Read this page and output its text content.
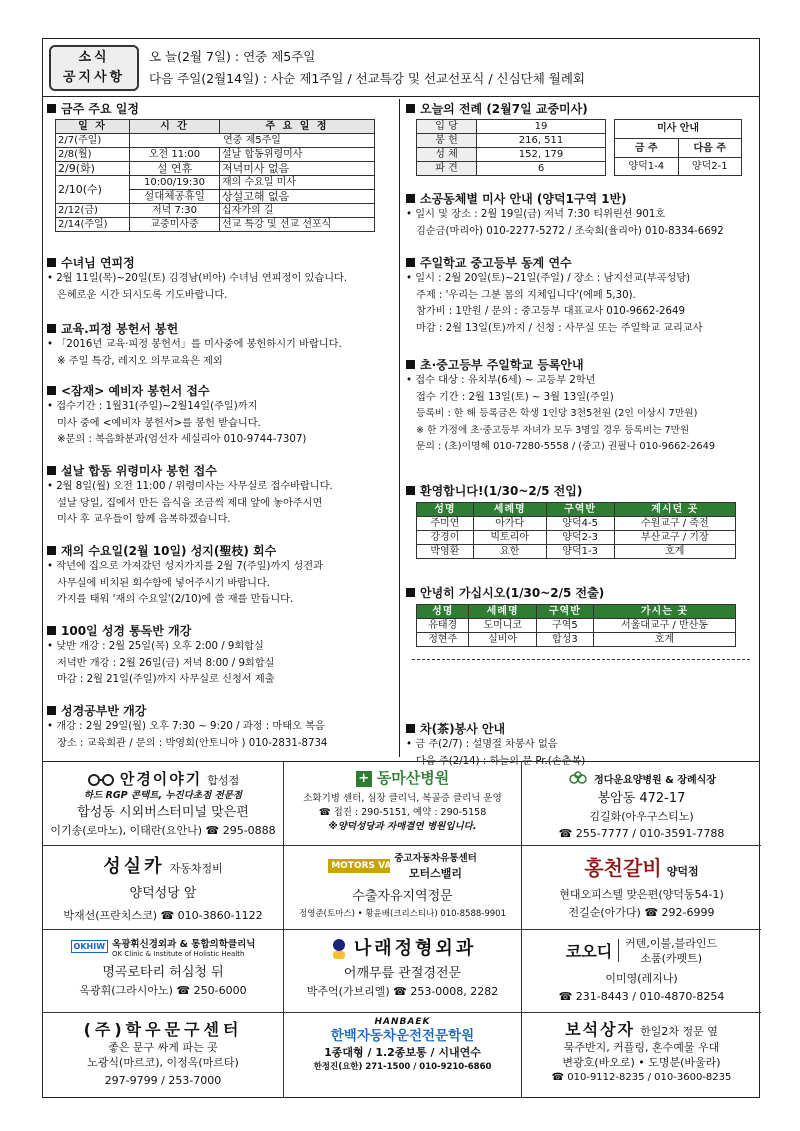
소식
공지사항
오 늘(2월 7일) : 연중 제5주일
다음 주일(2월14일) : 사순 제1주일 / 선교특강 및 선교선포식 / 신심단체 월례회
금주 주요 일정
일 자	시 간	주 요 일 정
2/7(주일)	연중 제5주일	
2/8(월)	오전 11:00	설날 합동위령미사
2/9(화)	설 연휴	저녁미사 없음
2/10(수)	10:00/19:30	재의 수요일 미사
	설대체공휴일	상설고해 없음
2/12(금)	저녁 7:30	십자가의 길
2/14(주일)	교중미사중	선교 특강 및 선교 선포식
수녀님 연피정
• 2월 11일(목)~20일(토) 김경남(비아) 수녀님 연피정이 있습니다.
은혜로운 시간 되시도록 기도바랍니다.
교육.피정 봉헌서 봉헌
• 「2016년 교육·피정 봉헌서」를 미사중에 봉헌하시기 바랍니다.
※ 주일 특강, 레지오 의무교육은 제외
<잠재> 예비자 봉헌서 접수
• 접수기간 : 1월31(주일)~2월14일(주일)까지
미사 중에 <예비자 봉헌서>를 봉헌 받습니다.
※문의 : 복음화분과(엄선자 세실리아 010-9744-7307)
설날 합동 위령미사 봉헌 접수
• 2월 8일(월) 오전 11:00 / 위령미사는 사무실로 접수바랍니다.
설날 당일, 집에서 만든 음식을 조금씩 제대 앞에 놓아주시면
미사 후 교우들이 함께 음복하겠습니다.
재의 수요일(2월 10일) 성지(聖枝) 회수
• 작년에 집으로 가져갔던 성지가지를 2월 7(주일)까지 성전과
사무실에 비치된 회수함에 넣어주시기 바랍니다.
가지를 태워 '재의 수요일'(2/10)에 쓸 재를 만듭니다.
100일 성경 통독반 개강
• 낮반 개강 : 2월 25일(목) 오후 2:00 / 9회합실
저녁반 개강 : 2월 26일(금) 저녁 8:00 / 9회합실
마감 : 2월 21일(주일)까지 사무실로 신청서 제출
성경공부반 개강
• 개강 : 2월 29일(월) 오후 7:30 ~ 9:20 / 과정 : 마태오 복음
장소 : 교육회관 / 문의 : 박영희(안토니아 ) 010-2831-8734
오늘의 전례 (2월7일 교중미사)
입 당	19
봉 헌	216, 511
성 체	152, 179
파 견	6
미사 안내	
금 주	다음 주
양덕1-4	양덕2-1
소공동체별 미사 안내 (양덕1구역 1반)
• 일시 및 장소 : 2월 19일(금) 저녁 7:30 티위린션 901호
김순금(마리아) 010-2277-5272 / 조숙희(율리아) 010-8334-6692
주일학교 중고등부 동계 연수
• 일시 : 2월 20일(토)~21일(주일) / 장소 : 남지선교(부곡성당)
주제 : '우리는 그분 몸의 지체입니다'(에페 5,30).
참가비 : 1만원 / 문의 : 중고등부 대표교사 010-9662-2649
마감 : 2월 13일(토)까지 / 신청 : 사무실 또는 주일학교 교리교사
초·중고등부 주일학교 등록안내
• 접수 대상 : 유치부(6세) ~ 고등부 2학년
접수 기간 : 2월 13일(토) ~ 3월 13일(주일)
등록비 : 한 해 등록금은 학생 1인당 3천5천원 (2인 이상시 7만원)
※ 한 가정에 초·중고등부 자녀가 모두 3명일 경우 등록비는 7만원
문의 : (초)이명혜 010-7280-5558 / (중고) 권필나 010-9662-2649
환영합니다!(1/30~2/5 전입)
성명	세례명	구역반	계시던 곳
주미연	아가다	양덕4-5	수원교구 / 죽전
강경이	빅토리아	양덕2-3	부산교구 / 기장
박영환	요한	양덕1-3	호계
안녕히 가십시오(1/30~2/5 전출)
성명	세례명	구역반	가시는 곳
유태경	도미니코	구역5	서울대교구 / 반산동
정현주	실비아	합성3	호계
차(茶)봉사 안내
• 금 주(2/7) : 설명절 차봉사 없음
다음 주(2/14) : 하늘의 문 Pr.(손춘복)
안경이야기 합성점
하드 RGP 콘택트, 누진다초점 전문점
합성동 시외버스터미널 맞은편
이기송(로마노), 이태란(요안나) ☎ 295-0888
+ 동마산병원
소화기병 센터, 심장 클리닉, 복골증 클리닉 운영
☎ 접진 : 290-5151, 예약 : 290-5158
※양덕성당과 자매결연 병원입니다.
정다운요양병원 & 장례식장
봉암동 472-17
김길화(아우구스티노)
☎ 255-7777 / 010-3591-7788
성실카 자동차정비
양덕성당 앞
박재선(프란치스코) ☎ 010-3860-1122
MOTORS VALLEY
중고자동차유통센터
모터스밸리
수출자유지역정문
정영준(토마스) • 황윤배(크리스티나) 010-8588-9901
홍천갈비 양덕점
현대오피스텔 맞은편(양덕동54-1)
전길순(아가다) ☎ 292-6999
OKHIW 옥광휘신경외과 & 통합의학클리닉
OK Clinic & Institute of Holistic Health
명곡로타리 허심청 뒤
옥광휘(그라시아노) ☎ 250-6000
나래정형외과
어깨무릎 관절경전문
박주억(가브리엘) ☎ 253-0008, 2282
코오디	커텐,이불,블라인드
소품(카펫트)
이미영(레지나)
☎ 231-8443 / 010-4870-8254
(주)학우문구센터
좋은 문구 싸게 파는 곳
노광식(마르코), 이정옥(마르타)
297-9799 / 253-7000
HANBAEK
한백자동차운전전문학원
1종대형 / 1.2종보통 / 시내연수
한정진(요한) 271-1500 / 010-9210-6860
보석상자 한일2차 정문 옆
묵주반지, 커플링, 혼수예물 우대
변광호(바오로) • 도명분(바울라)
☎ 010-9112-8235 / 010-3600-8235
